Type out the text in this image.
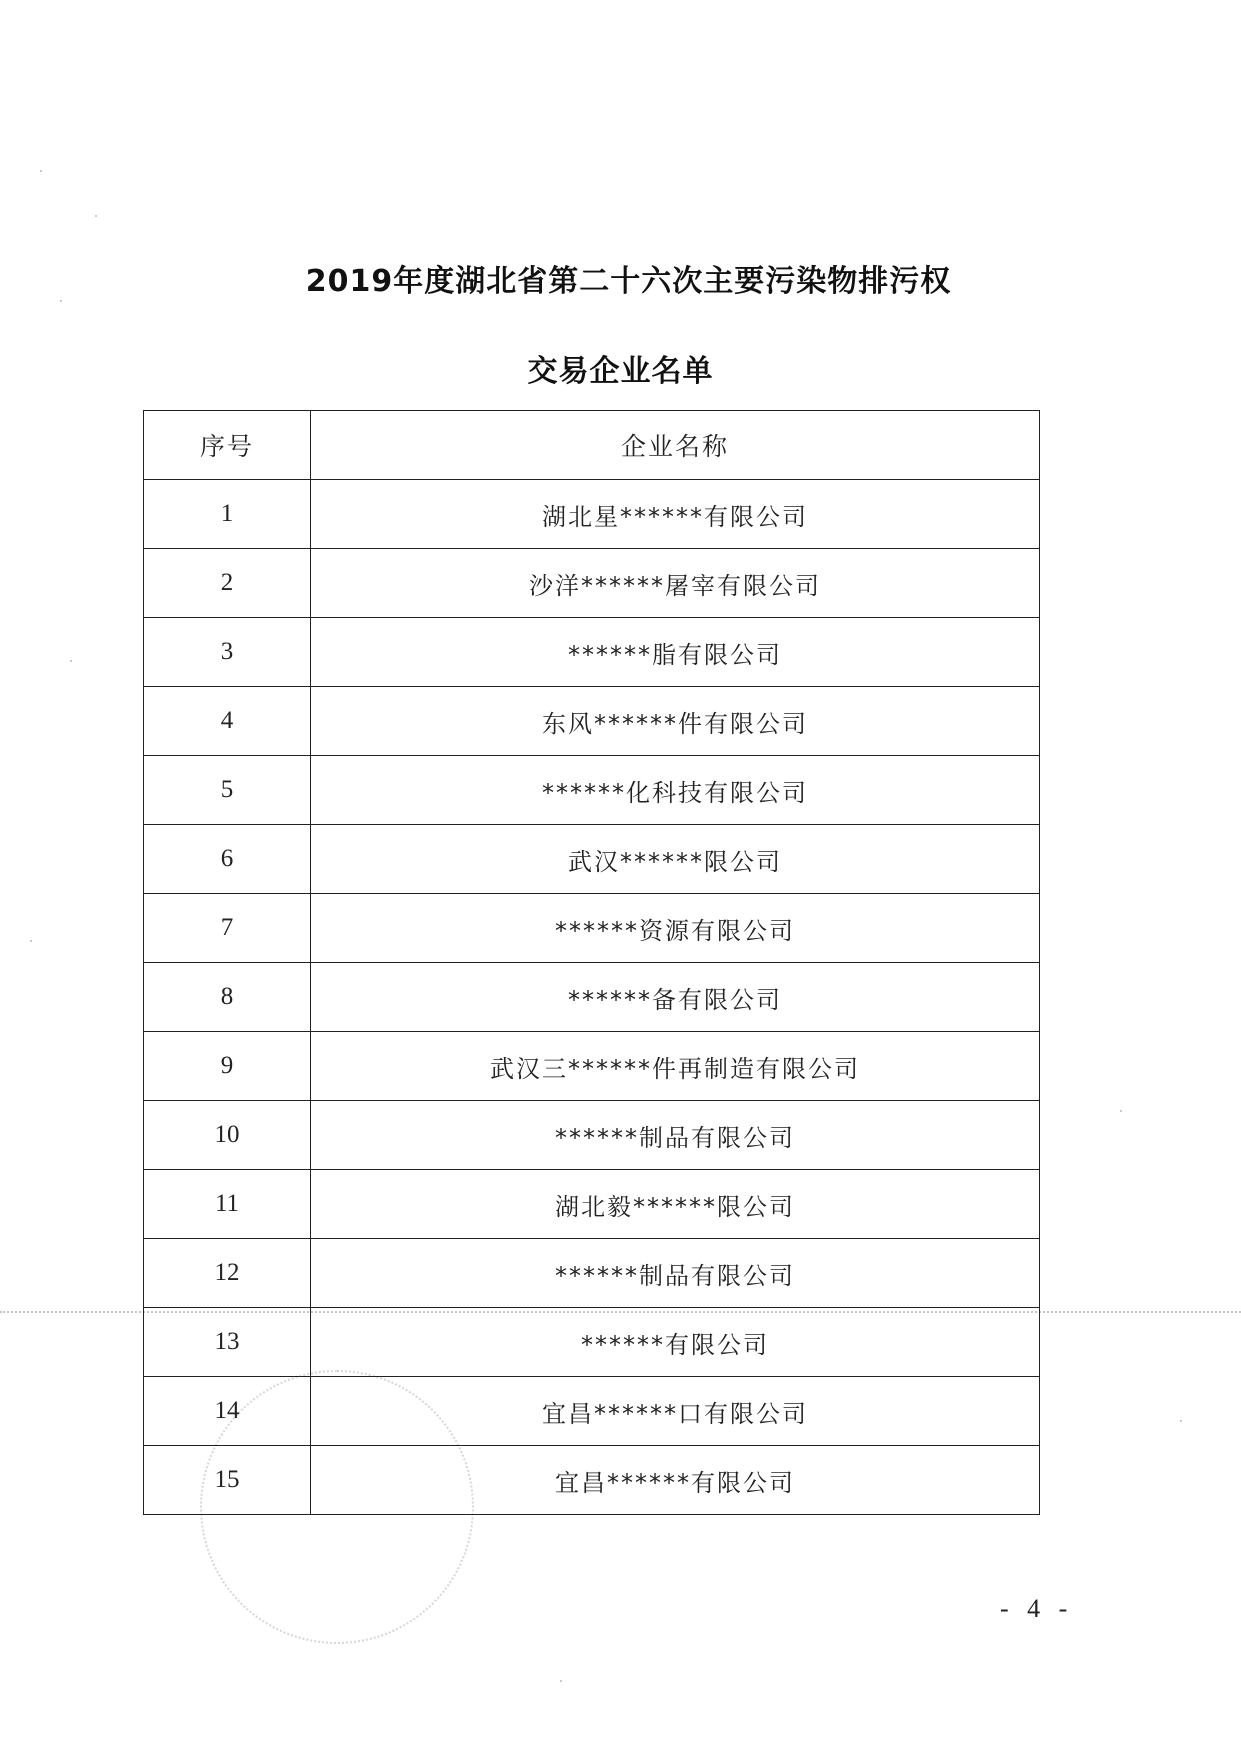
2019年度湖北省第二十六次主要污染物排污权
交易企业名单
序号	企业名称
1	湖北星******有限公司
2	沙洋******屠宰有限公司
3	******脂有限公司
4	东风******件有限公司
5	******化科技有限公司
6	武汉******限公司
7	******资源有限公司
8	******备有限公司
9	武汉三******件再制造有限公司
10	******制品有限公司
11	湖北毅******限公司
12	******制品有限公司
13	******有限公司
14	宜昌******口有限公司
15	宜昌******有限公司
- 4 -
